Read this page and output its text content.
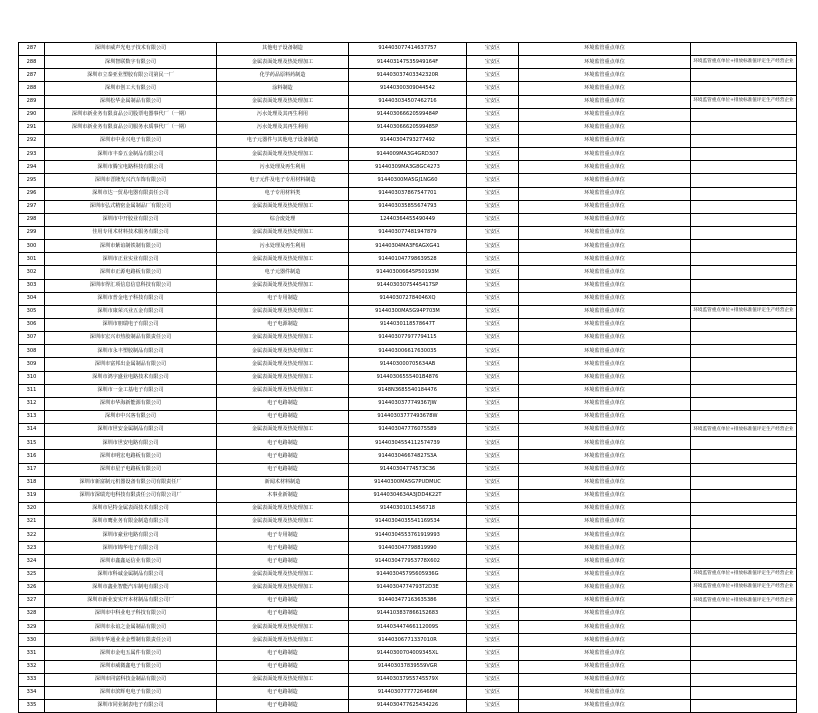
287	深圳市威声光电子技术有限公司	其他电子设备制造	914403077414637757	宝安区	环境监管重点单位	
288	深圳智联数字有限公司	金属表面处理及热处理加工	914403147535949164F	宝安区	环境监管重点单位	环境监管重点单位+排放标准值评定生产经营企业
287	深圳市立泰亚业塑胶有限公司第民一厂	化学药品原料药制造	914403037403342320R	宝安区	环境监管重点单位	
288	深圳市创工大有限公司	涂料制造	91440300309044542	宝安区	环境监管重点单位	
289	深圳松华金属制品有限公司	金属表面处理及热处理加工	914403034507462716	宝安区	环境监管重点单位	环境监管重点单位+排放标准值评定生产经营企业
290	深圳市新业务有限食品公司股票电器事代厂（一期）	污水处理及其再生利用	914403066620599484P	宝安区	环境监管重点单位	
291	深圳市新业务有限食品公司服务水质事代厂（一期）	污水处理及其再生利用	914403066620599485P	宝安区	环境监管重点单位	
292	深圳市中业兴电子有限公司	电子元器件与其他电子设备制造	91440304793277492	宝安区	环境监管重点单位	
293	深圳市丰泰五金制品有限公司	金属表面处理及热处理加工	9144009MA3G4GRD307	宝安区	环境监管重点单位	
294	深圳市腾宝电路科技有限公司	污水处理及再生利用	91440309MA3G8GC4273	宝安区	环境监管重点单位	
295	深圳市晋隆光兴汽车饰有限公司	电子元件及电子专用材料制造	91440300MA5GJ1NG60	宝安区	环境监管重点单位	
296	深圳市达一贸易电器有限责任公司	电子专用材料类	914403037867547701	宝安区	环境监管重点单位	
297	深圳市弘式精密金属制品厂有限公司	金属表面处理及热处理加工	914403035855674793	宝安区	环境监管重点单位	
298	深圳市中开胶业有限公司	综合废处理	12440364455490449	宝安区	环境监管重点单位	
299	佳用专用术材料技术服务有限公司	金属表面处理及热处理加工	914403077481947879	宝安区	环境监管重点单位	
300	深圳市紫谊制铁制有限公司	污水处理及再生利用	91440304MA3F6AGXG41	宝安区	环境监管重点单位	
301	深圳市正业实业有限公司	金属表面处理及热处理加工	914401047798639528	宝安区	环境监管重点单位	
302	深圳市正源电路板有限公司	电子元器件制造	914403006645P50193M	宝安区	环境监管重点单位	
303	深圳市得汇项信息信息科技有限公司	金属表面处理及热处理加工	91440303075445417SP	宝安区	环境监管重点单位	
304	深圳市普金电子科技有限公司	电子专用制造	914403072784046XQ	宝安区	环境监管重点单位	
305	深圳市康荣兴业五金有限公司	金属表面处理及热处理加工	91440300MA5G94P703M	宝安区	环境监管重点单位	环境监管重点单位+排放标准值评定生产经营企业
306	深圳市朋瑞电子有限公司	电子电源制造	9144030118578647T	宝安区	环境监管重点单位	
307	深圳市宏兴市热胶制品有限责任公司	金属表面处理及热处理加工	914403077977794115	宝安区	环境监管重点单位	
308	深圳市永丰塑胶制品有限公司	金属表面处理及热处理加工	914403006617630035	宝安区	环境监管重点单位	
309	深圳市富邦出金属制品有限公司	金属表面处理及热处理加工	914403000705634AB	宝安区	环境监管重点单位	
310	深圳市鸿宇盛业电路技术有限公司	金属表面处理及热处理加工	91440306555401B4876	宝安区	环境监管重点单位	
311	深圳市一金工基电子有限公司	金属表面处理及热处理加工	9148N3685540184476	宝安区	环境监管重点单位	
312	深圳市华海新能源有限公司	电子电路制造	9144030377749367JW	宝安区	环境监管重点单位	
313	深圳市中兴客有限公司	电子电路制造	91440303777493678W	宝安区	环境监管重点单位	
314	深圳市世安金属制品有限公司	金属表面处理及热处理加工	914403047776075589	宝安区	环境监管重点单位	环境监管重点单位+排放标准值评定生产经营企业
315	深圳市世安电路有限公司	电子电路制造	91440304554112574739	宝安区	环境监管重点单位	
316	深圳市明宏电路板有限公司	电子电路制造	914403046674827S3A	宝安区	环境监管重点单位	
317	深圳市星子电路板有限公司	电子电路制造	91440304774573C36	宝安区	环境监管重点单位	
318	深圳市新富制元机器设备有限公司有限责任厂	新闻术材料制造	91440300MA5G7PUDMUC	宝安区	环境监管重点单位	
319	深圳市深瑞光电科技有限责任公司有限公司厂	木事业新制造	91440304634A3JDD4K22T	宝安区	环境监管重点单位	
320	深圳市尼特金属表面技术有限公司	金属表面处理及热处理加工	91440301013456718	宝安区	环境监管重点单位	
321	深圳市鹰业务有限金制造有限公司	金属表面处理及热处理加工	91440304035541169534	宝安区	环境监管重点单位	
322	深圳市豪业电路有限公司	电子专用制造	91440304553761919993	宝安区	环境监管重点单位	
323	深圳市锦华电子有限公司	电子电路制造	914403047798819990	宝安区	环境监管重点单位	
324	深圳市鑫鑫运信业有限公司	电子电路制造	9144030477953778X602	宝安区	环境监管重点单位	
325	深圳市科诚金属制品有限公司	金属表面处理及热处理加工	914403045795605936G	宝安区	环境监管重点单位	环境监管重点单位+排放标准值评定生产经营企业
326	深圳市鑫业智能汽车制电有限公司	金属表面处理及热处理加工	91440304774793T2D3E	宝安区	环境监管重点单位	环境监管重点单位+排放标准值评定生产经营企业
327	深圳市新业安实开本材制品有限公司厂	电子电路制造	914403477163635386	宝安区	环境监管重点单位	环境监管重点单位+排放标准值评定生产经营企业
328	深圳市中科业电子科技有限公司	电子电路制造	9144103837866152683	宝安区	环境监管重点单位	
329	深圳市永谊之金属制品有限公司	金属表面处理及热处理加工	914403447466112009S	宝安区	环境监管重点单位	
330	深圳市华通业业金塑制有限责任公司	金属表面处理及热处理加工	91440306771337010R	宝安区	环境监管重点单位	
331	深圳市金电五属件有限公司	电子电路制造	91440300704009345XL	宝安区	环境监管重点单位	
332	深圳市威微鑫电子有限公司	电子电路制造	914403037839559VGR	宝安区	环境监管重点单位	
333	深圳市同富科技金制品有限公司	金属表面处理及热处理加工	914403037955745579X	宝安区	环境监管重点单位	
334	深圳市滨辉电电子有限公司	电子电路制造	91440307777726466M	宝安区	环境监管重点单位	
335	深圳市同业制表电子有限公司	电子电路制造	9144030477625434226	宝安区	环境监管重点单位	
